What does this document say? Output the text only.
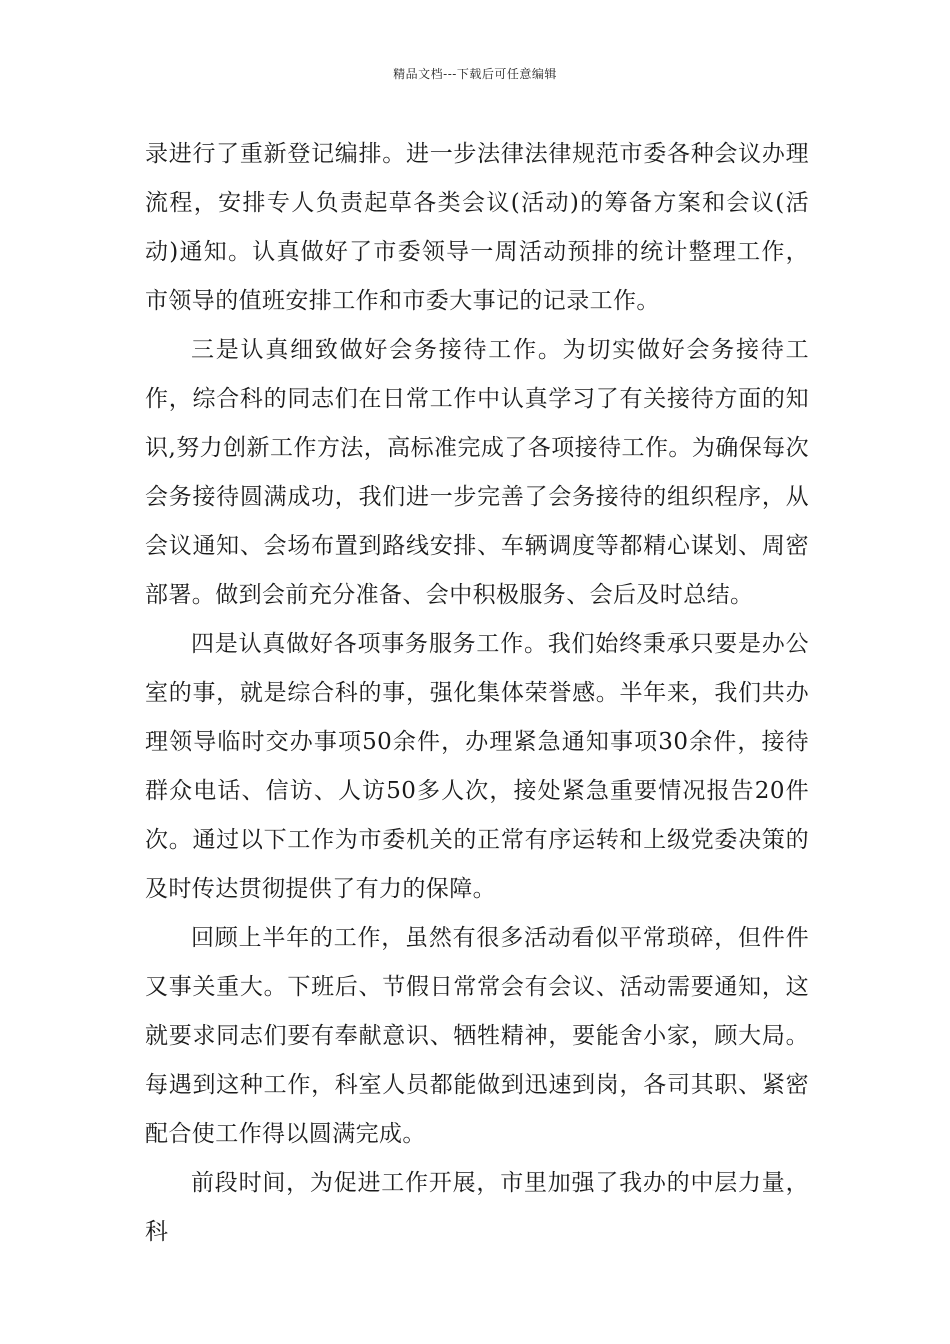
精品文档---下载后可任意编辑

录进行了重新登记编排。进一步法律法律规范市委各种会议办理流程，安排专人负责起草各类会议(活动)的筹备方案和会议(活动)通知。认真做好了市委领导一周活动预排的统计整理工作，市领导的值班安排工作和市委大事记的记录工作。

三是认真细致做好会务接待工作。为切实做好会务接待工作，综合科的同志们在日常工作中认真学习了有关接待方面的知识,努力创新工作方法，高标准完成了各项接待工作。为确保每次会务接待圆满成功，我们进一步完善了会务接待的组织程序，从会议通知、会场布置到路线安排、车辆调度等都精心谋划、周密部署。做到会前充分准备、会中积极服务、会后及时总结。

四是认真做好各项事务服务工作。我们始终秉承只要是办公室的事，就是综合科的事，强化集体荣誉感。半年来，我们共办理领导临时交办事项50余件，办理紧急通知事项30余件，接待群众电话、信访、人访50多人次，接处紧急重要情况报告20件次。通过以下工作为市委机关的正常有序运转和上级党委决策的及时传达贯彻提供了有力的保障。

回顾上半年的工作，虽然有很多活动看似平常琐碎，但件件又事关重大。下班后、节假日常常会有会议、活动需要通知，这就要求同志们要有奉献意识、牺牲精神，要能舍小家，顾大局。每遇到这种工作，科室人员都能做到迅速到岗，各司其职、紧密配合使工作得以圆满完成。

前段时间，为促进工作开展，市里加强了我办的中层力量，科
